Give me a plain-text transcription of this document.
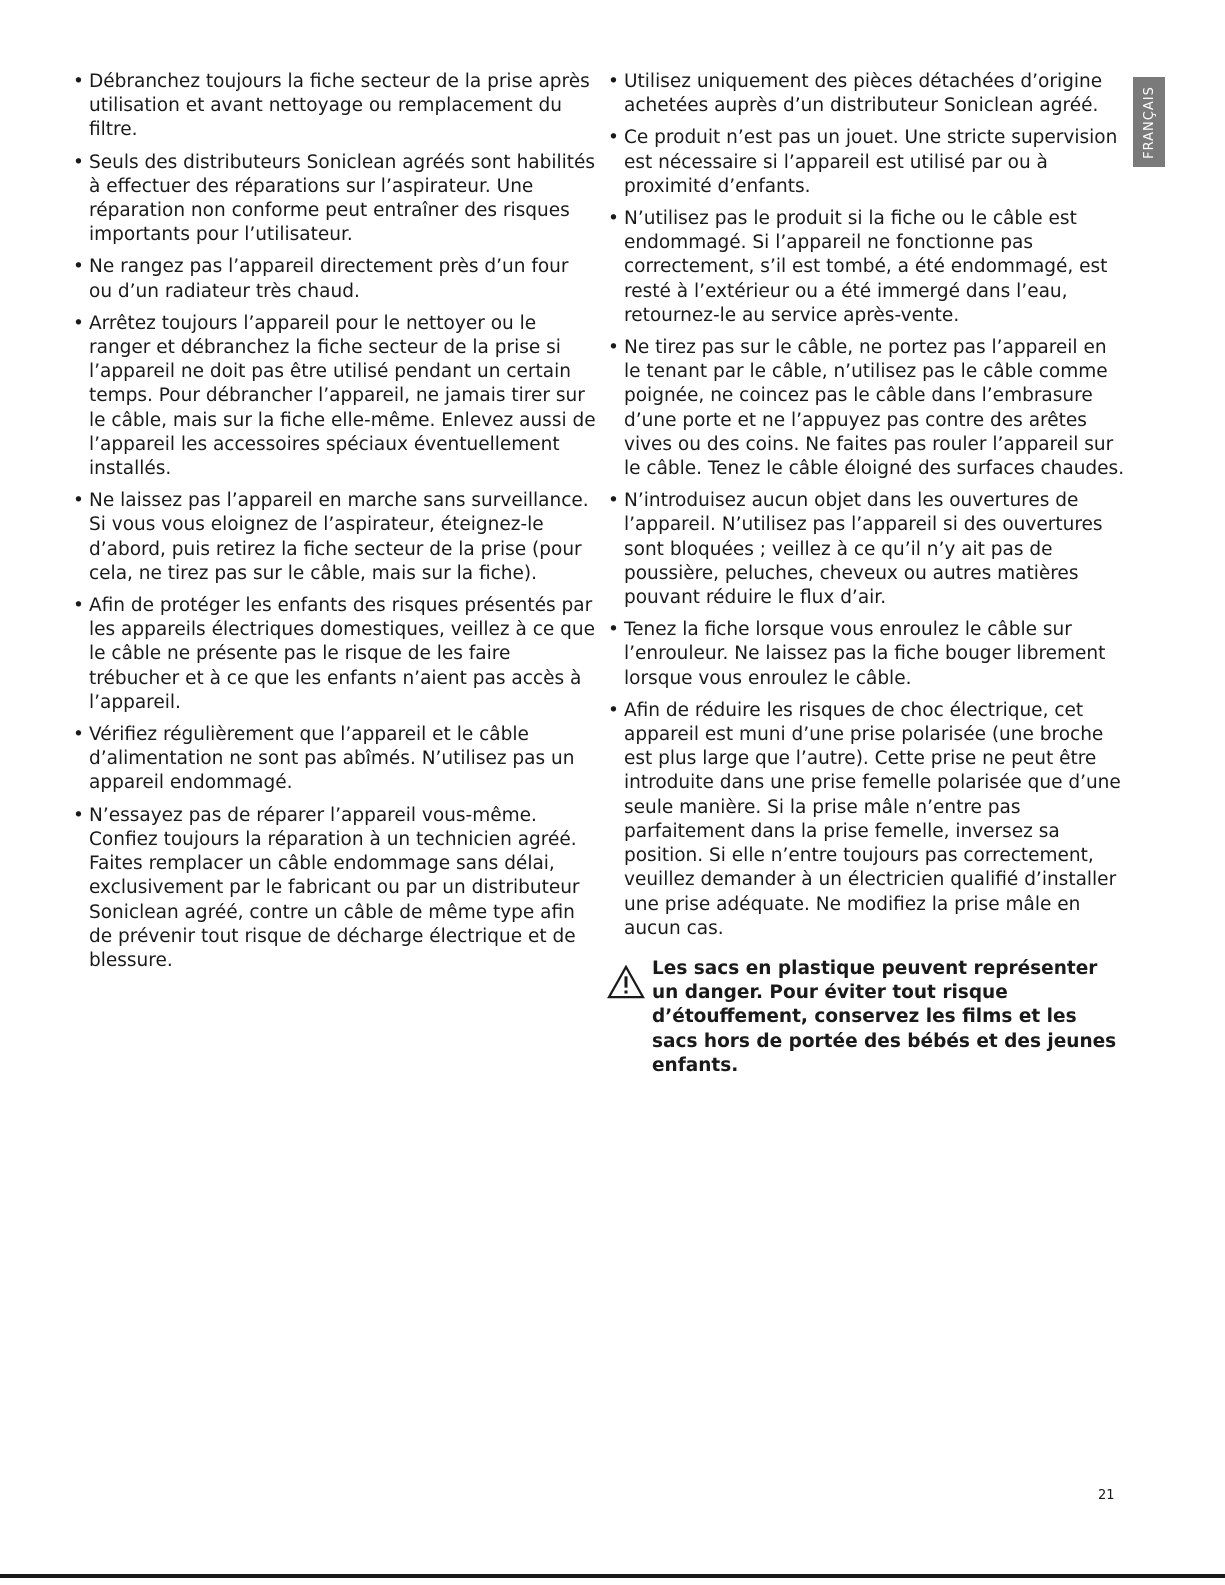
FRANÇAIS
• Débranchez toujours la fiche secteur de la prise après utilisation et avant nettoyage ou remplacement du filtre.
• Seuls des distributeurs Soniclean agréés sont habilités à effectuer des réparations sur l’aspirateur. Une réparation non conforme peut entraîner des risques importants pour l’utilisateur.
• Ne rangez pas l’appareil directement près d’un four ou d’un radiateur très chaud.
• Arrêtez toujours l’appareil pour le nettoyer ou le ranger et débranchez la fiche secteur de la prise si l’appareil ne doit pas être utilisé pendant un certain temps. Pour débrancher l’appareil, ne jamais tirer sur le câble, mais sur la fiche elle-même. Enlevez aussi de l’appareil les accessoires spéciaux éventuellement installés.
• Ne laissez pas l’appareil en marche sans surveillance. Si vous vous eloignez de l’aspirateur, éteignez-le d’abord, puis retirez la fiche secteur de la prise (pour cela, ne tirez pas sur le câble, mais sur la fiche).
• Afin de protéger les enfants des risques présentés par les appareils électriques domestiques, veillez à ce que le câble ne présente pas le risque de les faire trébucher et à ce que les enfants n’aient pas accès à l’appareil.
• Vérifiez régulièrement que l’appareil et le câble d’alimentation ne sont pas abîmés. N’utilisez pas un appareil endommagé.
• N’essayez pas de réparer l’appareil vous-même. Confiez toujours la réparation à un technicien agréé. Faites remplacer un câble endommage sans délai, exclusivement par le fabricant ou par un distributeur Soniclean agréé, contre un câble de même type afin de prévenir tout risque de décharge électrique et de blessure.
• Utilisez uniquement des pièces détachées d’origine achetées auprès d’un distributeur Soniclean agréé.
• Ce produit n’est pas un jouet. Une stricte supervision est nécessaire si l’appareil est utilisé par ou à proximité d’enfants.
• N’utilisez pas le produit si la fiche ou le câble est endommagé. Si l’appareil ne fonctionne pas correctement, s’il est tombé, a été endommagé, est resté à l’extérieur ou a été immergé dans l’eau, retournez-le au service après-vente.
• Ne tirez pas sur le câble, ne portez pas l’appareil en le tenant par le câble, n’utilisez pas le câble comme poignée, ne coincez pas le câble dans l’embrasure d’une porte et ne l’appuyez pas contre des arêtes vives ou des coins. Ne faites pas rouler l’appareil sur le câble. Tenez le câble éloigné des surfaces chaudes.
• N’introduisez aucun objet dans les ouvertures de l’appareil. N’utilisez pas l’appareil si des ouvertures sont bloquées ; veillez à ce qu’il n’y ait pas de poussière, peluches, cheveux ou autres matières pouvant réduire le flux d’air.
• Tenez la fiche lorsque vous enroulez le câble sur l’enrouleur. Ne laissez pas la fiche bouger librement lorsque vous enroulez le câble.
• Afin de réduire les risques de choc électrique, cet appareil est muni d’une prise polarisée (une broche est plus large que l’autre). Cette prise ne peut être introduite dans une prise femelle polarisée que d’une seule manière. Si la prise mâle n’entre pas parfaitement dans la prise femelle, inversez sa position. Si elle n’entre toujours pas correctement, veuillez demander à un électricien qualifié d’installer une prise adéquate. Ne modifiez la prise mâle en aucun cas.

Les sacs en plastique peuvent représenter un danger. Pour éviter tout risque d’étouffement, conservez les films et les sacs hors de portée des bébés et des jeunes enfants.

21
